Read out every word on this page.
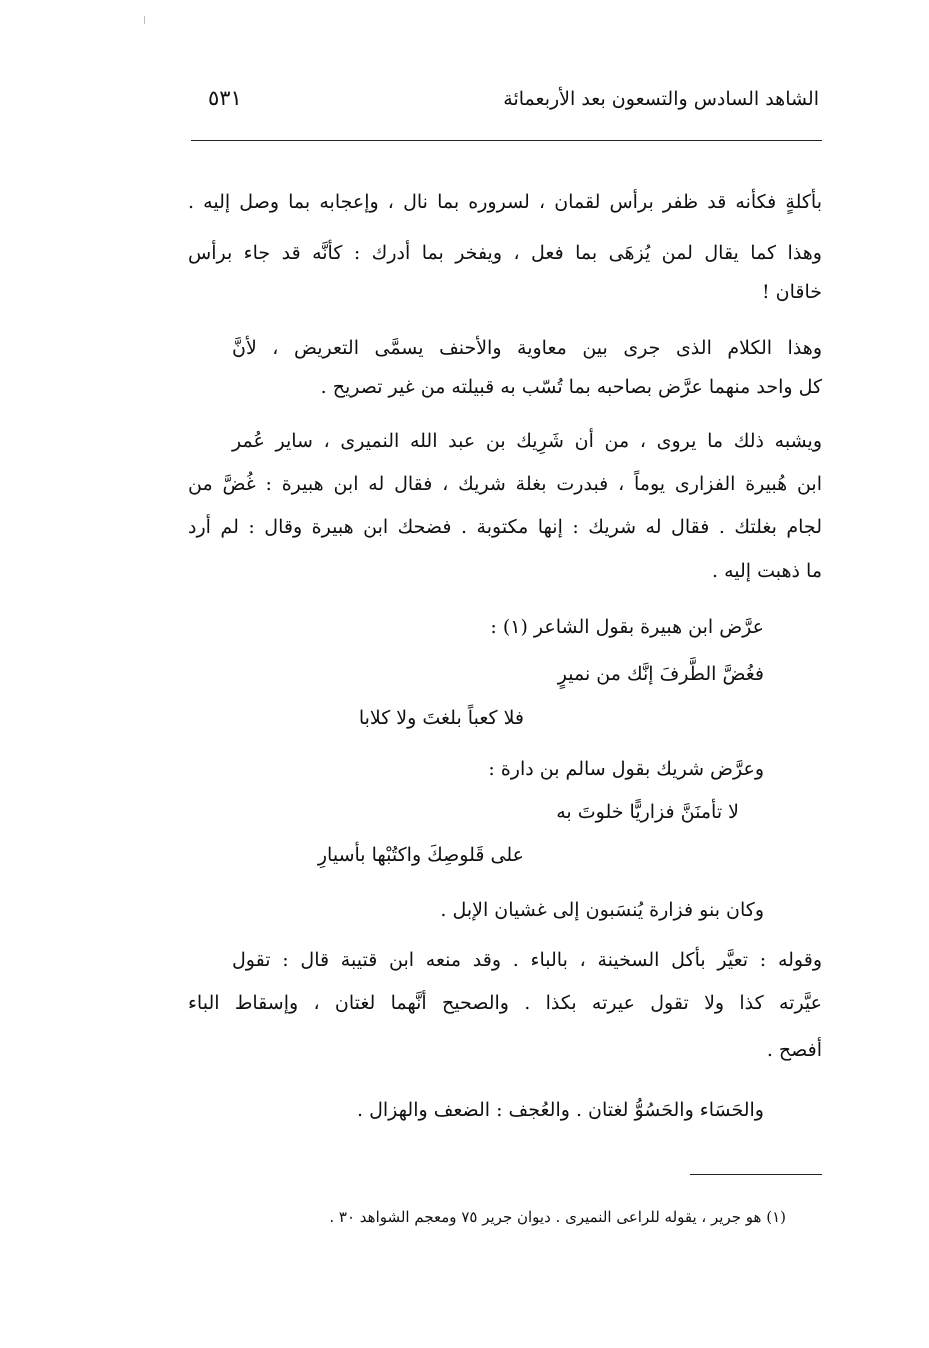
الشاهد السادس والتسعون بعد الأربعمائة
٥٣١
بأكلةٍ فكأنه قد ظفر برأس لقمان ، لسروره بما نال ، وإعجابه بما وصل إليه .
وهذا كما يقال لمن يُزهَى بما فعل ، ويفخر بما أدرك : كأنَّه قد جاء برأس
خاقان !
وهذا الكلام الذى جرى بين معاوية والأحنف يسمَّى التعريض ، لأنَّ
كل واحد منهما عرَّض بصاحبه بما تُسّب به قبيلته من غير تصريح .
ويشبه ذلك ما يروى ، من أن شَرِيك بن عبد الله النميرى ، ساير عُمر
ابن هُبيرة الفزارى يوماً ، فبدرت بغلة شريك ، فقال له ابن هبيرة : غُضَّ من
لجام بغلتك . فقال له شريك : إنها مكتوبة . فضحك ابن هبيرة وقال : لم أرد
ما ذهبت إليه .
عرَّض ابن هبيرة بقول الشاعر (١) :
فغُضَّ الطَّرفَ إنَّك من نميرٍ
فلا كعباً بلغتَ ولا كلابا
وعرَّض شريك بقول سالم بن دارة :
لا تأمنَنَّ فزاريًّا خلوتَ به
على قَلوصِكَ واكتُبْها بأسيارِ
وكان بنو فزارة يُنسَبون إلى غشيان الإبل .
وقوله : تعيَّر بأكل السخينة ، بالباء . وقد منعه ابن قتيبة قال : تقول
عيَّرته كذا ولا تقول عيرته بكذا . والصحيح أنَّهما لغتان ، وإسقاط الباء
أفصح .
والحَسَاء والحَسُوُّ لغتان . والعُجف : الضعف والهزال .
(١) هو جرير ، يقوله للراعى النميرى . ديوان جرير ٧٥ ومعجم الشواهد ٣٠ .
